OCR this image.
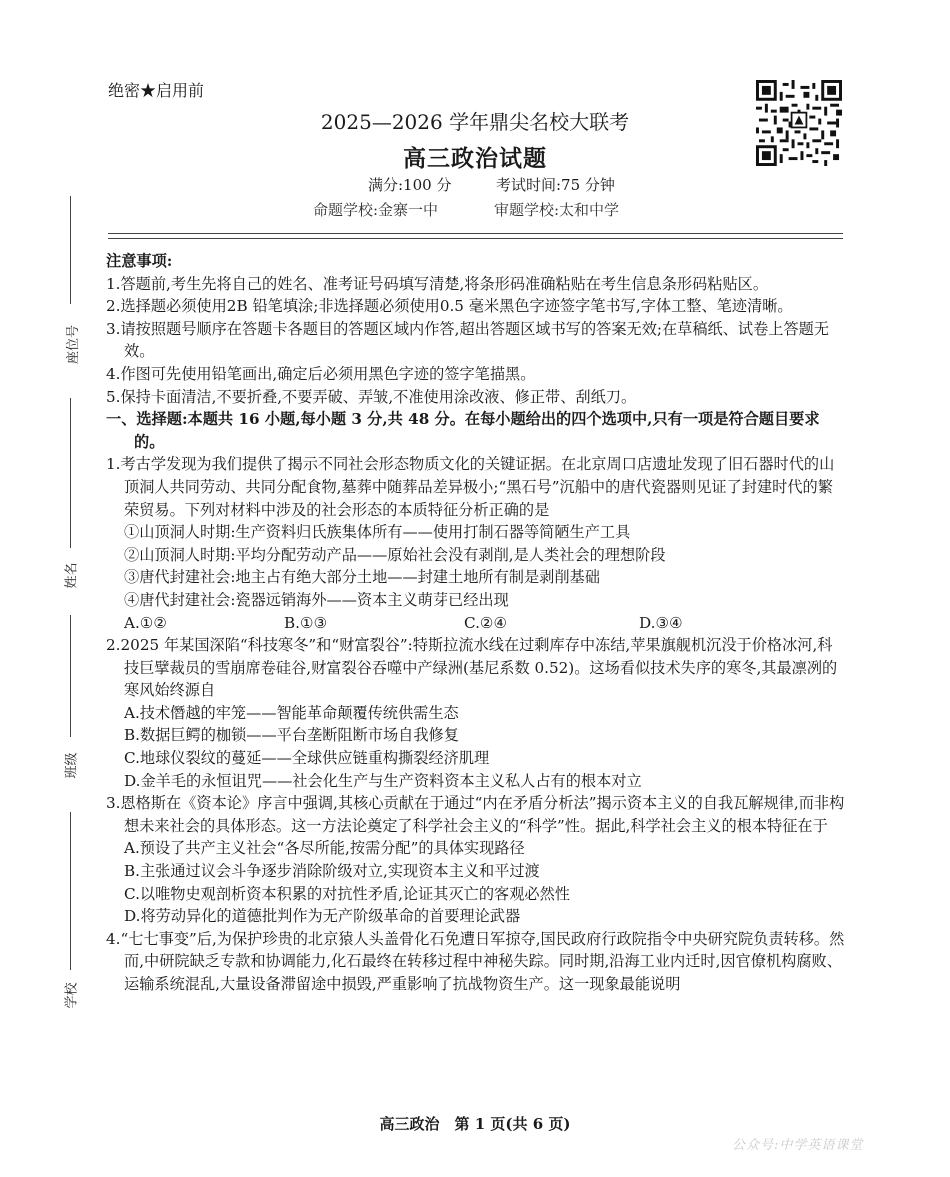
绝密★启用前
2025—2026 学年鼎尖名校大联考
高三政治试题
满分:100 分	考试时间:75 分钟
命题学校:金寨一中	审题学校:太和中学
座位号
姓名
班级
学校

注意事项:

1.答题前,考生先将自己的姓名、准考证号码填写清楚,将条形码准确粘贴在考生信息条形码粘贴区。

2.选择题必须使用2B 铅笔填涂;非选择题必须使用0.5 毫米黑色字迹签字笔书写,字体工整、笔迹清晰。

3.请按照题号顺序在答题卡各题目的答题区域内作答,超出答题区域书写的答案无效;在草稿纸、试卷上答题无效。

4.作图可先使用铅笔画出,确定后必须用黑色字迹的签字笔描黑。

5.保持卡面清洁,不要折叠,不要弄破、弄皱,不准使用涂改液、修正带、刮纸刀。

一、选择题:本题共 16 小题,每小题 3 分,共 48 分。在每小题给出的四个选项中,只有一项是符合题目要求的。

1.考古学发现为我们提供了揭示不同社会形态物质文化的关键证据。在北京周口店遗址发现了旧石器时代的山顶洞人共同劳动、共同分配食物,墓葬中随葬品差异极小;“黑石号”沉船中的唐代瓷器则见证了封建时代的繁荣贸易。下列对材料中涉及的社会形态的本质特征分析正确的是

①山顶洞人时期:生产资料归氏族集体所有——使用打制石器等简陋生产工具

②山顶洞人时期:平均分配劳动产品——原始社会没有剥削,是人类社会的理想阶段

③唐代封建社会:地主占有绝大部分土地——封建土地所有制是剥削基础

④唐代封建社会:瓷器远销海外——资本主义萌芽已经出现

A.①②	B.①③	C.②④	D.③④

2.2025 年某国深陷“科技寒冬”和“财富裂谷”:特斯拉流水线在过剩库存中冻结,苹果旗舰机沉没于价格冰河,科技巨擘裁员的雪崩席卷硅谷,财富裂谷吞噬中产绿洲(基尼系数 0.52)。这场看似技术失序的寒冬,其最凛冽的寒风始终源自

A.技术僭越的牢笼——智能革命颠覆传统供需生态

B.数据巨鳄的枷锁——平台垄断阻断市场自我修复

C.地球仪裂纹的蔓延——全球供应链重构撕裂经济肌理

D.金羊毛的永恒诅咒——社会化生产与生产资料资本主义私人占有的根本对立

3.恩格斯在《资本论》序言中强调,其核心贡献在于通过“内在矛盾分析法”揭示资本主义的自我瓦解规律,而非构想未来社会的具体形态。这一方法论奠定了科学社会主义的“科学”性。据此,科学社会主义的根本特征在于

A.预设了共产主义社会“各尽所能,按需分配”的具体实现路径

B.主张通过议会斗争逐步消除阶级对立,实现资本主义和平过渡

C.以唯物史观剖析资本积累的对抗性矛盾,论证其灭亡的客观必然性

D.将劳动异化的道德批判作为无产阶级革命的首要理论武器

4.“七七事变”后,为保护珍贵的北京猿人头盖骨化石免遭日军掠夺,国民政府行政院指令中央研究院负责转移。然而,中研院缺乏专款和协调能力,化石最终在转移过程中神秘失踪。同时期,沿海工业内迁时,因官僚机构腐败、运输系统混乱,大量设备滞留途中损毁,严重影响了抗战物资生产。这一现象最能说明

高三政治　第 1 页(共 6 页)
公众号:中学英语课堂
